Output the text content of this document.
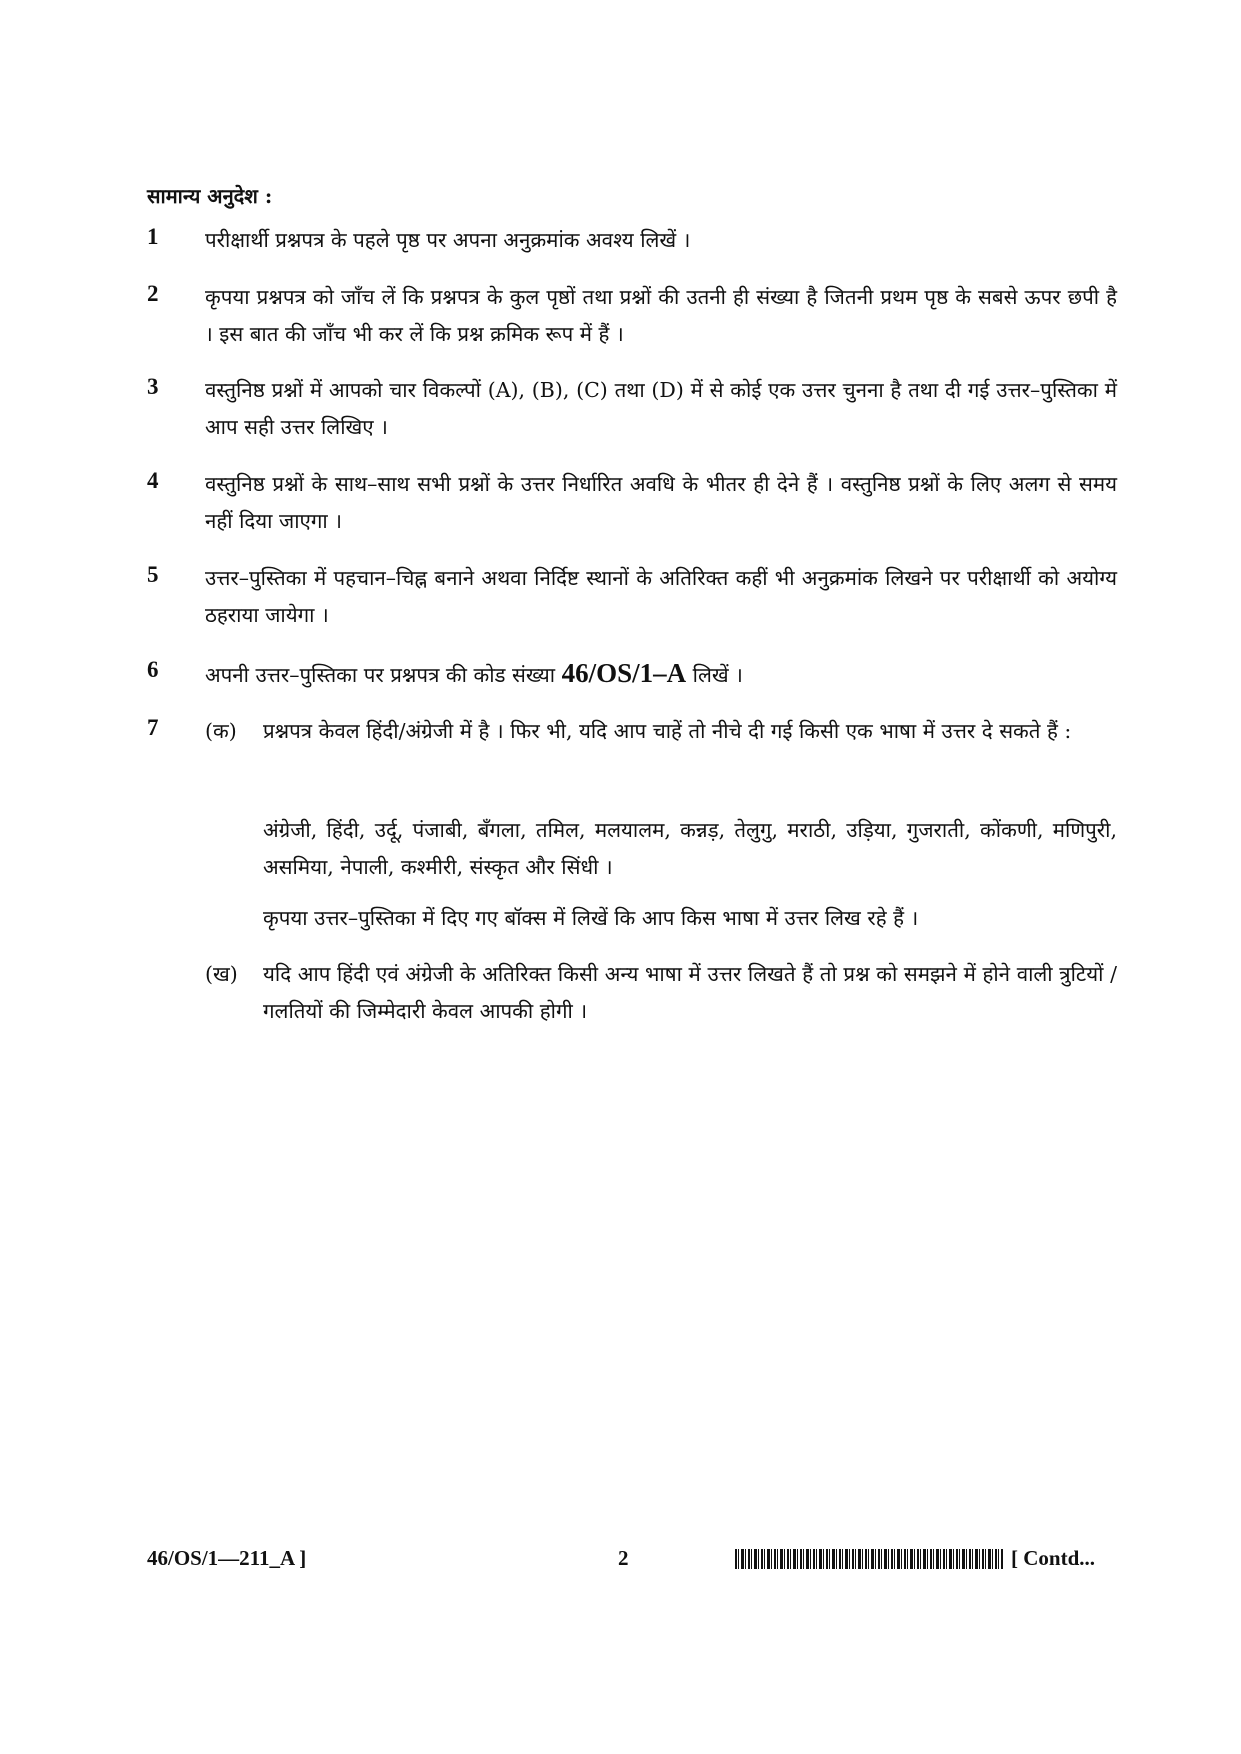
सामान्य अनुदेश :
1 परीक्षार्थी प्रश्नपत्र के पहले पृष्ठ पर अपना अनुक्रमांक अवश्य लिखें ।
2 कृपया प्रश्नपत्र को जाँच लें कि प्रश्नपत्र के कुल पृष्ठों तथा प्रश्नों की उतनी ही संख्या है जितनी प्रथम पृष्ठ के सबसे ऊपर छपी है । इस बात की जाँच भी कर लें कि प्रश्न क्रमिक रूप में हैं ।
3 वस्तुनिष्ठ प्रश्नों में आपको चार विकल्पों (A), (B), (C) तथा (D) में से कोई एक उत्तर चुनना है तथा दी गई उत्तर–पुस्तिका में आप सही उत्तर लिखिए ।
4 वस्तुनिष्ठ प्रश्नों के साथ–साथ सभी प्रश्नों के उत्तर निर्धारित अवधि के भीतर ही देने हैं । वस्तुनिष्ठ प्रश्नों के लिए अलग से समय नहीं दिया जाएगा ।
5 उत्तर–पुस्तिका में पहचान–चिह्न बनाने अथवा निर्दिष्ट स्थानों के अतिरिक्त कहीं भी अनुक्रमांक लिखने पर परीक्षार्थी को अयोग्य ठहराया जायेगा ।
6 अपनी उत्तर–पुस्तिका पर प्रश्नपत्र की कोड संख्या 46/OS/1–A लिखें ।
7 (क) प्रश्नपत्र केवल हिंदी/अंग्रेजी में है । फिर भी, यदि आप चाहें तो नीचे दी गई किसी एक भाषा में उत्तर दे सकते हैं :
अंग्रेजी, हिंदी, उर्दू, पंजाबी, बँगला, तमिल, मलयालम, कन्नड़, तेलुगु, मराठी, उड़िया, गुजराती, कोंकणी, मणिपुरी, असमिया, नेपाली, कश्मीरी, संस्कृत और सिंधी ।
कृपया उत्तर–पुस्तिका में दिए गए बॉक्स में लिखें कि आप किस भाषा में उत्तर लिख रहे हैं ।
(ख) यदि आप हिंदी एवं अंग्रेजी के अतिरिक्त किसी अन्य भाषा में उत्तर लिखते हैं तो प्रश्न को समझने में होने वाली त्रुटियों / गलतियों की जिम्मेदारी केवल आपकी होगी ।
46/OS/1—211_A ]	2	[ Contd...
